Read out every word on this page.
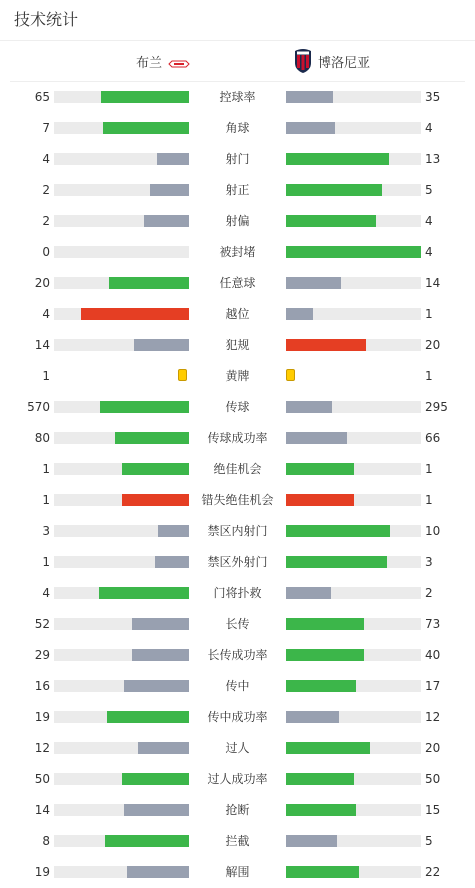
技术统计
布兰	博洛尼亚
65	控球率	35
7	角球	4
4	射门	13
2	射正	5
2	射偏	4
0	被封堵	4
20	任意球	14
4	越位	1
14	犯规	20
1	黄牌	1
570	传球	295
80	传球成功率	66
1	绝佳机会	1
1	错失绝佳机会	1
3	禁区内射门	10
1	禁区外射门	3
4	门将扑救	2
52	长传	73
29	长传成功率	40
16	传中	17
19	传中成功率	12
12	过人	20
50	过人成功率	50
14	抢断	15
8	拦截	5
19	解围	22
